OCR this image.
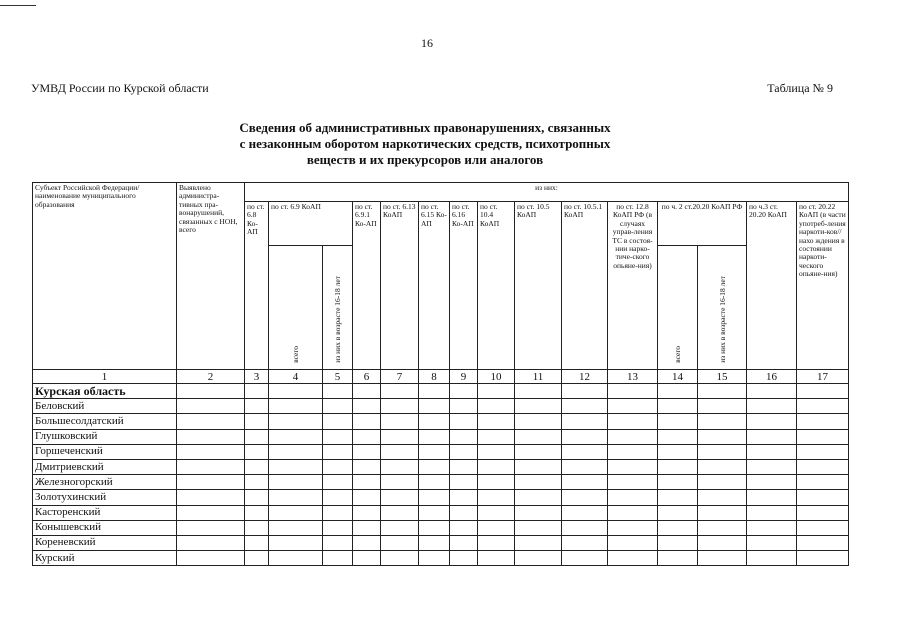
16
УМВД России по Курской области	Таблица № 9
Сведения об административных правонарушениях, связанных
с незаконным оборотом наркотических средств, психотропных
веществ и их прекурсоров или аналогов
Субъект Российской Федерации/ наименование муниципального образования	Выявлено администра-тивных пра-вонарушений, связанных с НОН, всего	из них:														
		по ст. 6.8 Ко-АП	по ст. 6.9 КоАП		по ст. 6.9.1 Ко-АП	по ст. 6.13 КоАП	по ст. 6.15 Ко-АП	по ст. 6.16 Ко-АП	по ст. 10.4 КоАП	по ст. 10.5 КоАП	по ст. 10.5.1 КоАП	по ст. 12.8 КоАП РФ (в случаях управ-ления ТС в состоя-нии нарко-тиче-ского опьяне-ния)	по ч. 2 ст.20.20 КоАП РФ		по ч.3 ст. 20.20 КоАП	по ст. 20.22 КоАП (в части употреб-ления наркоти-ков//нахо ждения в состоянии наркоти-ческого опьяне-ния)
			всего	из них в возрасте 16-18 лет									всего	из них в возрасте 16-18 лет		
1	2	3	4	5	6	7	8	9	10	11	12	13	14	15	16	17
Курская область																
Беловский																
Большесолдатский																
Глушковский																
Горшеченский																
Дмитриевский																
Железногорский																
Золотухинский																
Касторенский																
Конышевский																
Кореневский																
Курский																
